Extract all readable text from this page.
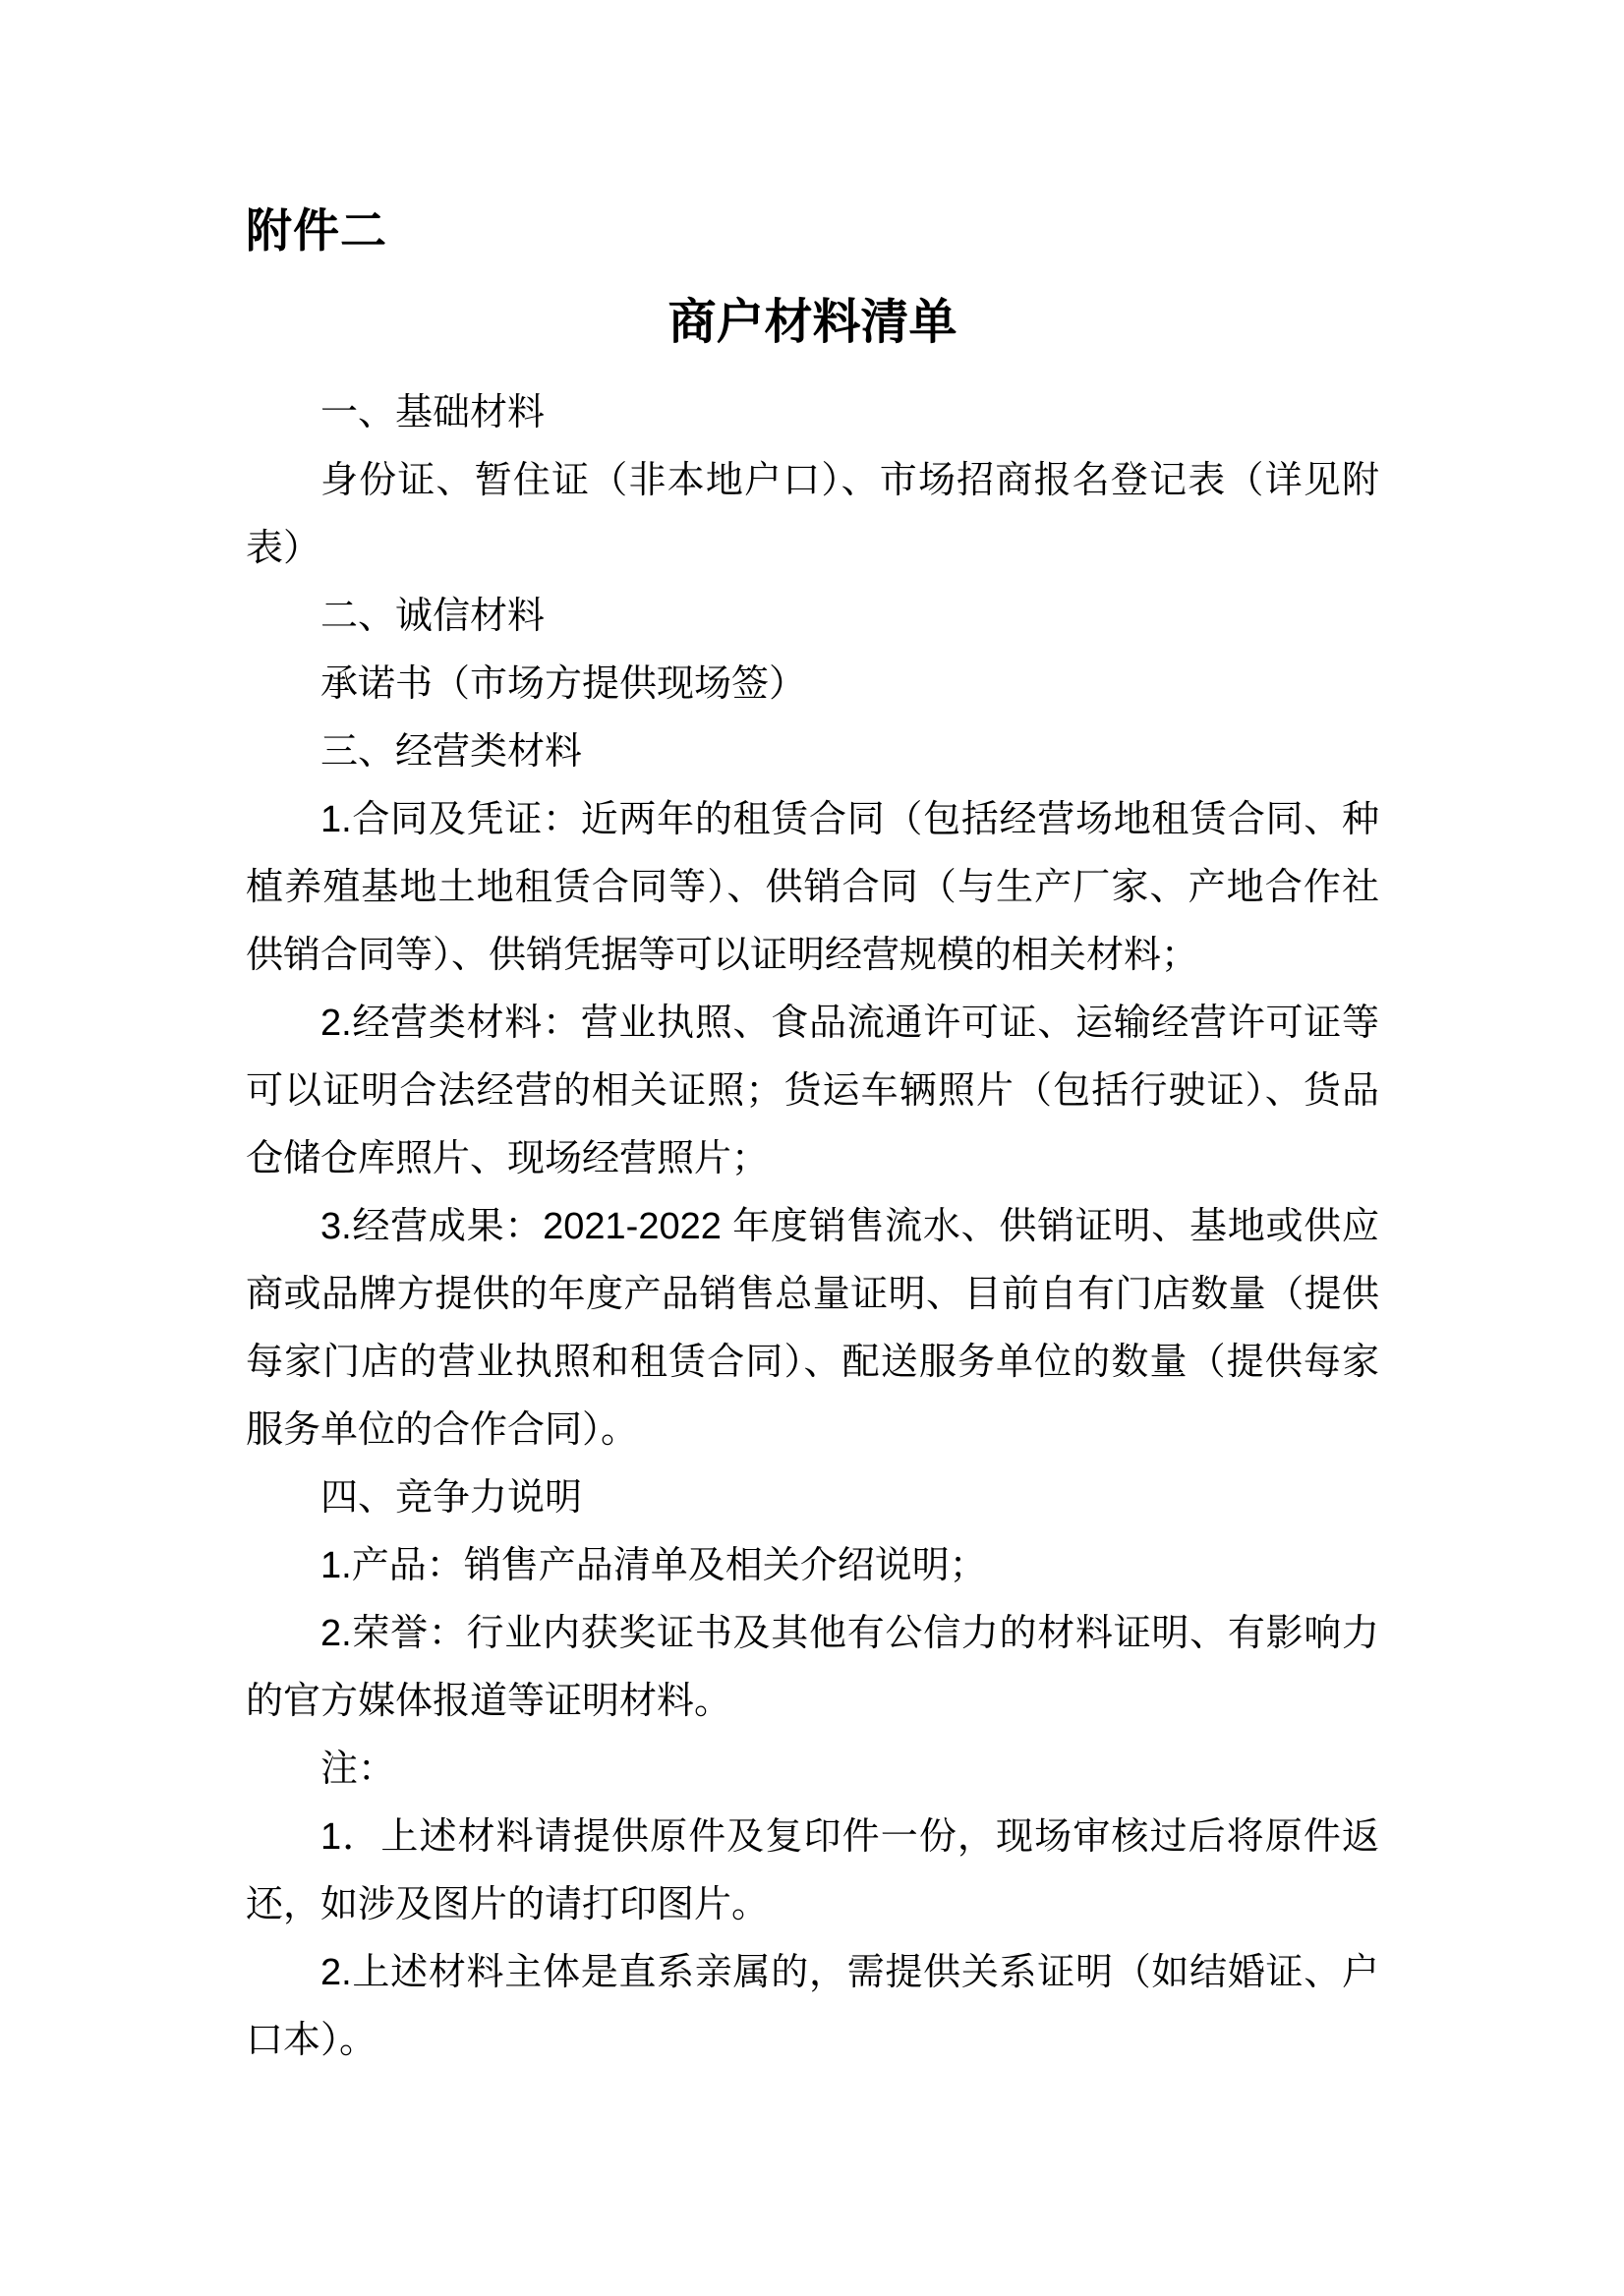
附件二
商户材料清单

一、基础材料

身份证、暂住证（非本地户口）、市场招商报名登记表（详见附表）

二、诚信材料

承诺书（市场方提供现场签）

三、经营类材料

1.合同及凭证：近两年的租赁合同（包括经营场地租赁合同、种植养殖基地土地租赁合同等）、供销合同（与生产厂家、产地合作社供销合同等）、供销凭据等可以证明经营规模的相关材料；

2.经营类材料：营业执照、食品流通许可证、运输经营许可证等可以证明合法经营的相关证照；货运车辆照片（包括行驶证）、货品仓储仓库照片、现场经营照片；

3.经营成果：2021-2022 年度销售流水、供销证明、基地或供应商或品牌方提供的年度产品销售总量证明、目前自有门店数量（提供每家门店的营业执照和租赁合同）、配送服务单位的数量（提供每家服务单位的合作合同）。

四、竞争力说明

1.产品：销售产品清单及相关介绍说明；

2.荣誉：行业内获奖证书及其他有公信力的材料证明、有影响力的官方媒体报道等证明材料。

注：

1．上述材料请提供原件及复印件一份，现场审核过后将原件返还，如涉及图片的请打印图片。

2.上述材料主体是直系亲属的，需提供关系证明（如结婚证、户口本）。
